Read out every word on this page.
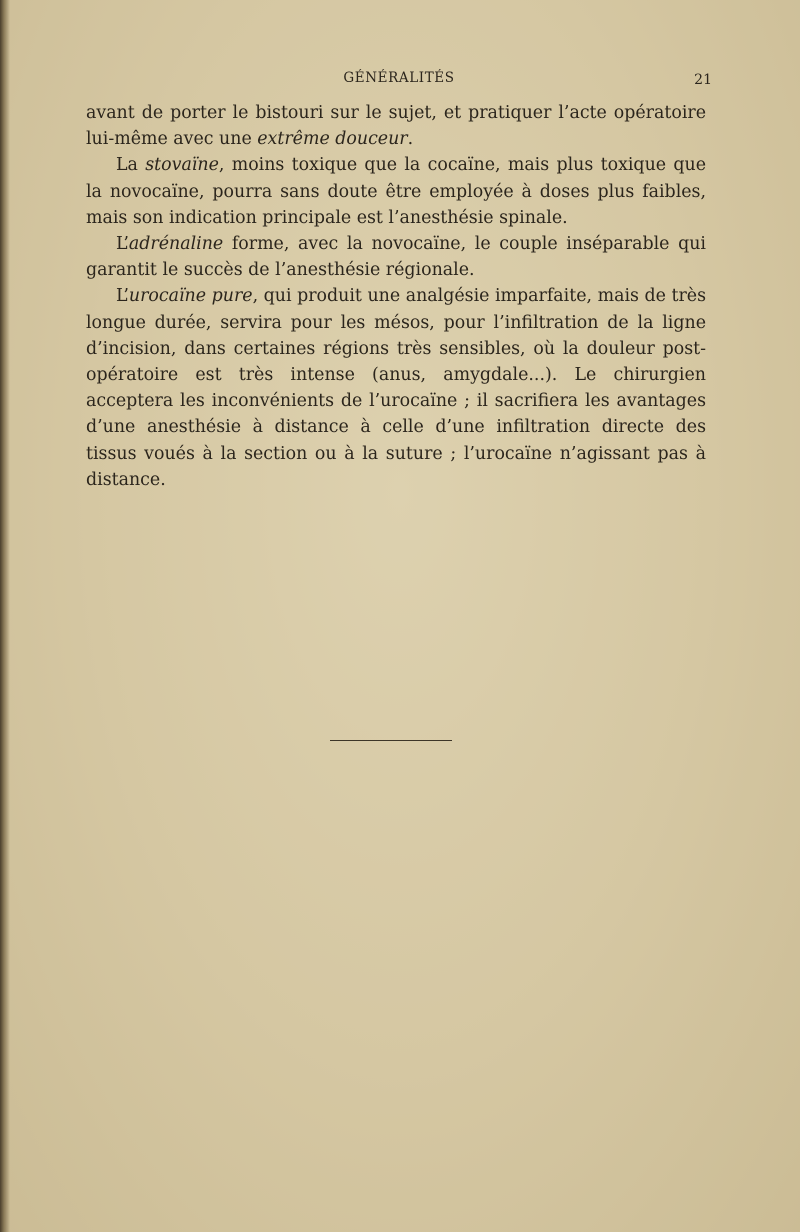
GÉNÉRALITÉS	21

avant de porter le bistouri sur le sujet, et pratiquer l’acte opératoire lui-même avec une extrême douceur.

La stovaïne, moins toxique que la cocaïne, mais plus toxique que la novocaïne, pourra sans doute être employée à doses plus faibles, mais son indication principale est l’anesthésie spinale.

L’adrénaline forme, avec la novocaïne, le couple inséparable qui garantit le succès de l’anesthésie régionale.

L’urocaïne pure, qui produit une analgésie imparfaite, mais de très longue durée, servira pour les mésos, pour l’infiltration de la ligne d’incision, dans certaines régions très sensibles, où la douleur post-opératoire est très intense (anus, amygdale...). Le chirurgien acceptera les inconvénients de l’urocaïne ; il sacrifiera les avantages d’une anesthésie à distance à celle d’une infiltration directe des tissus voués à la section ou à la suture ; l’urocaïne n’agissant pas à distance.
